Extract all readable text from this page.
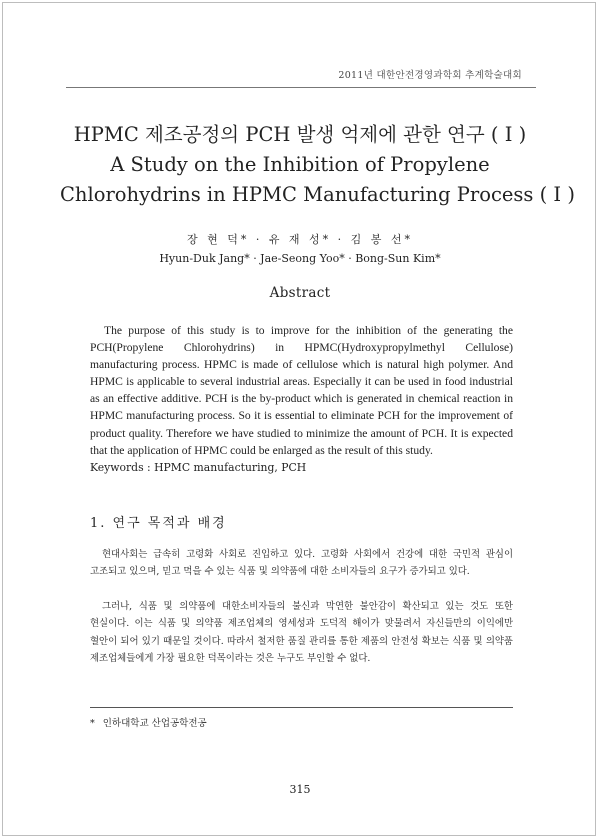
2011년 대한안전경영과학회 추계학술대회
HPMC 제조공정의 PCH 발생 억제에 관한 연구 ( I )
A Study on the Inhibition of Propylene
Chlorohydrins in HPMC Manufacturing Process ( I )
장 현 덕* · 유 재 성* · 김 봉 선*
Hyun-Duk Jang* · Jae-Seong Yoo* · Bong-Sun Kim*
Abstract

The purpose of this study is to improve for the inhibition of the generating the PCH(Propylene Chlorohydrins) in HPMC(Hydroxypropylmethyl Cellulose) manufacturing process. HPMC is made of cellulose which is natural high polymer. And HPMC is applicable to several industrial areas. Especially it can be used in food industrial as an effective additive. PCH is the by-product which is generated in chemical reaction in HPMC manufacturing process. So it is essential to eliminate PCH for the improvement of product quality. Therefore we have studied to minimize the amount of PCH. It is expected that the application of HPMC could be enlarged as the result of this study.

Keywords : HPMC manufacturing, PCH
1. 연구 목적과 배경

현대사회는 급속히 고령화 사회로 진입하고 있다. 고령화 사회에서 건강에 대한 국민적 관심이 고조되고 있으며, 믿고 먹을 수 있는 식품 및 의약품에 대한 소비자들의 요구가 증가되고 있다.

그러나, 식품 및 의약품에 대한소비자들의 불신과 막연한 불안감이 확산되고 있는 것도 또한 현실이다. 이는 식품 및 의약품 제조업체의 영세성과 도덕적 해이가 맞물려서 자신들만의 이익에만 혈안이 되어 있기 때문일 것이다. 따라서 철저한 품질 관리를 통한 제품의 안전성 확보는 식품 및 의약품 제조업체들에게 가장 필요한 덕목이라는 것은 누구도 부인할 수 없다.

* 인하대학교 산업공학전공
315
